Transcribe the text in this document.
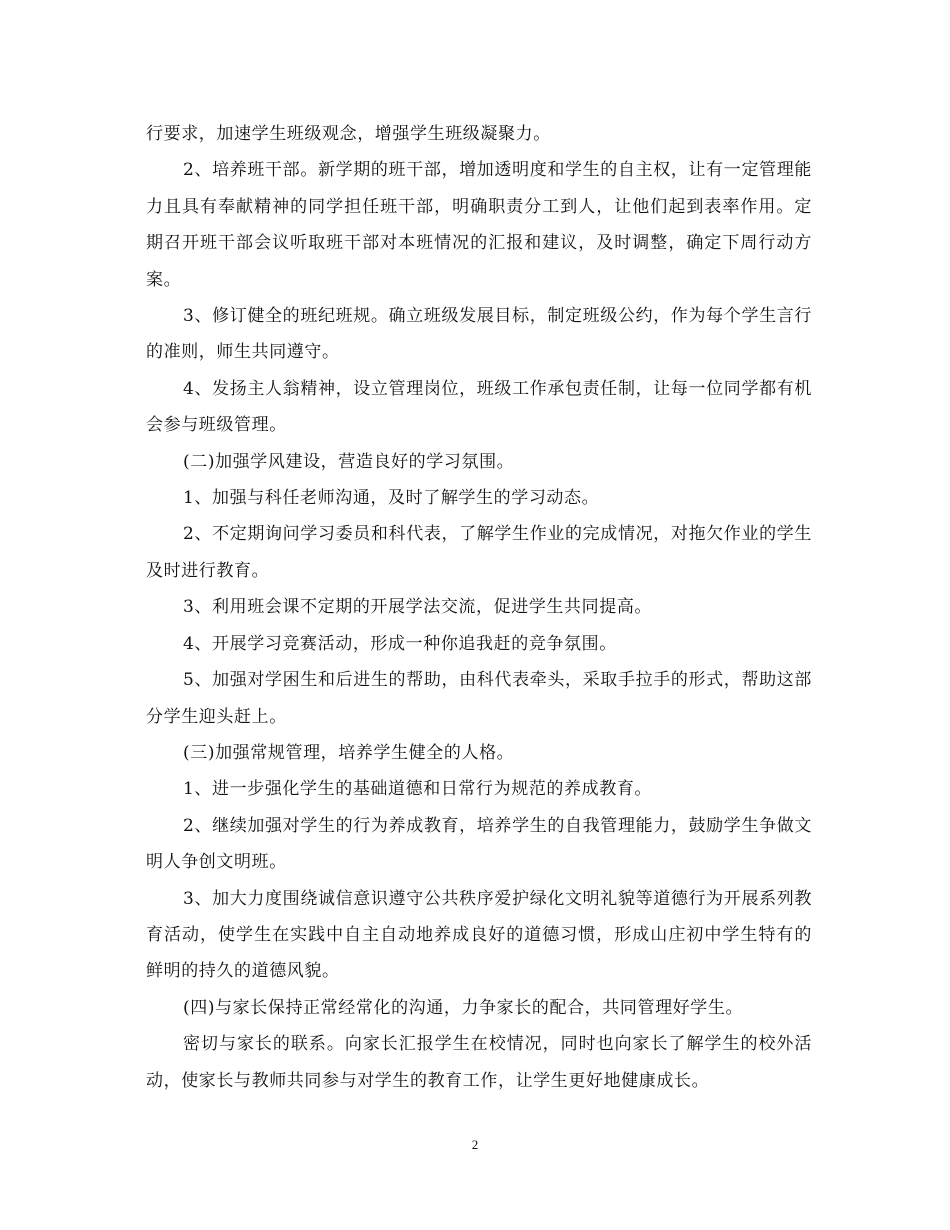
行要求，加速学生班级观念，增强学生班级凝聚力。

2、培养班干部。新学期的班干部，增加透明度和学生的自主权，让有一定管理能力且具有奉献精神的同学担任班干部，明确职责分工到人，让他们起到表率作用。定期召开班干部会议听取班干部对本班情况的汇报和建议，及时调整，确定下周行动方案。

3、修订健全的班纪班规。确立班级发展目标，制定班级公约，作为每个学生言行的准则，师生共同遵守。

4、发扬主人翁精神，设立管理岗位，班级工作承包责任制，让每一位同学都有机会参与班级管理。

(二)加强学风建设，营造良好的学习氛围。

1、加强与科任老师沟通，及时了解学生的学习动态。

2、不定期询问学习委员和科代表，了解学生作业的完成情况，对拖欠作业的学生及时进行教育。

3、利用班会课不定期的开展学法交流，促进学生共同提高。

4、开展学习竞赛活动，形成一种你追我赶的竞争氛围。

5、加强对学困生和后进生的帮助，由科代表牵头，采取手拉手的形式，帮助这部分学生迎头赶上。

(三)加强常规管理，培养学生健全的人格。

1、进一步强化学生的基础道德和日常行为规范的养成教育。

2、继续加强对学生的行为养成教育，培养学生的自我管理能力，鼓励学生争做文明人争创文明班。

3、加大力度围绕诚信意识遵守公共秩序爱护绿化文明礼貌等道德行为开展系列教育活动，使学生在实践中自主自动地养成良好的道德习惯，形成山庄初中学生特有的鲜明的持久的道德风貌。

(四)与家长保持正常经常化的沟通，力争家长的配合，共同管理好学生。

密切与家长的联系。向家长汇报学生在校情况，同时也向家长了解学生的校外活动，使家长与教师共同参与对学生的教育工作，让学生更好地健康成长。

2
